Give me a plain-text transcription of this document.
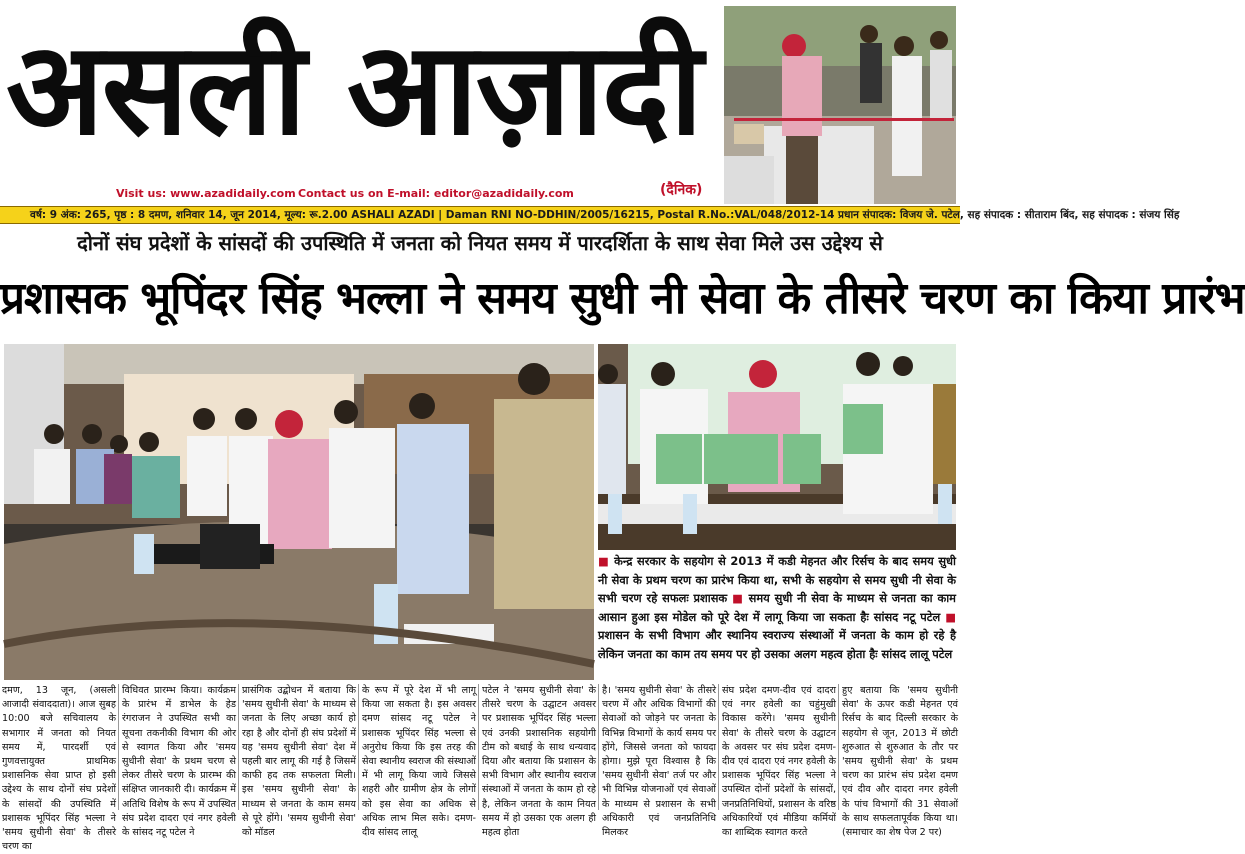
असली आज़ादी
Visit us: www.azadidaily.com Contact us on E-mail: editor@azadidaily.com	(दैनिक)
वर्ष: 9 अंक: 265, पृष्ठ : 8 दमण, शनिवार 14, जून 2014, मूल्य: रू.2.00 ASHALI AZADI | Daman RNI NO-DDHIN/2005/16215, Postal R.No.:VAL/048/2012-14 प्रधान संपादक: विजय जे. पटेल, सह संपादक : सीताराम बिंद, सह संपादक : संजय सिंह
दोनों संघ प्रदेशों के सांसदों की उपस्थिति में जनता को नियत समय में पारदर्शिता के साथ सेवा मिले उस उद्देश्य से
प्रशासक भूपिंदर सिंह भल्ला ने समय सुधी नी सेवा के तीसरे चरण का किया प्रारंभ
■ केन्द्र सरकार के सहयोग से 2013 में कडी मेहनत और रिर्सच के बाद समय सुधी नी सेवा के प्रथम चरण का प्रारंभ किया था, सभी के सहयोग से समय सुधी नी सेवा के सभी चरण रहे सफलः प्रशासक ■ समय सुधी नी सेवा के माध्यम से जनता का काम आसान हुआ इस मोडेल को पूरे देश में लागू किया जा सकता हैः सांसद नटू पटेल ■ प्रशासन के सभी विभाग और स्थानिय स्वराज्य संस्थाओं में जनता के काम हो रहे है लेकिन जनता का काम तय समय पर हो उसका अलग महत्व होता हैः सांसद लालू पटेल
दमण, 13 जून, (असली आजादी संवाददाता)। आज सुबह 10:00 बजे सचिवालय के सभागार में जनता को नियत समय में, पारदर्शी एवं गुणवत्तायुक्त प्राथमिक प्रशासनिक सेवा प्राप्त हो इसी उद्देश्य के साथ दोनों संघ प्रदेशों के सांसदों की उपस्थिति में प्रशासक भूपिंदर सिंह भल्ला ने 'समय सुधीनी सेवा' के तीसरे चरण का
विधिवत प्रारम्भ किया। कार्यक्रम के प्रारंभ में डाभेल के हेड रंगराजन ने उपस्थित सभी का सूचना तकनीकी विभाग की ओर से स्वागत किया और 'समय सुधीनी सेवा' के प्रथम चरण से लेकर तीसरे चरण के प्रारम्भ की संक्षिप्त जानकारी दी। कार्यक्रम में अतिथि विशेष के रूप में उपस्थित संघ प्रदेश दादरा एवं नगर हवेली के सांसद नटू पटेल ने
प्रासंगिक उद्बोधन में बताया कि 'समय सुधीनी सेवा' के माध्यम से जनता के लिए अच्छा कार्य हो रहा है और दोनों ही संघ प्रदेशों में यह 'समय सुधीनी सेवा' देश में पहली बार लागू की गई है जिसमें काफी हद तक सफलता मिली। इस 'समय सुधीनी सेवा' के माध्यम से जनता के काम समय से पूरे होंगे। 'समय सुधीनी सेवा' को मॉडल
के रूप में पूरे देश में भी लागू किया जा सकता है। इस अवसर दमण सांसद नटू पटेल ने प्रशासक भूपिंदर सिंह भल्ला से अनुरोध किया कि इस तरह की सेवा स्थानीय स्वराज की संस्थाओं में भी लागू किया जाये जिससे शहरी और ग्रामीण क्षेत्र के लोगों को इस सेवा का अधिक से अधिक लाभ मिल सके। दमण-दीव सांसद लालू
पटेल ने 'समय सुधीनी सेवा' के तीसरे चरण के उद्घाटन अवसर पर प्रशासक भूपिंदर सिंह भल्ला एवं उनकी प्रशासनिक सहयोगी टीम को बधाई के साथ धन्यवाद दिया और बताया कि प्रशासन के सभी विभाग और स्थानीय स्वराज संस्थाओं में जनता के काम हो रहे है, लेकिन जनता के काम नियत समय में हो उसका एक अलग ही महत्व होता
है। 'समय सुधीनी सेवा' के तीसरे चरण में और अधिक विभागों की सेवाओं को जोड़ने पर जनता के विभिन्न विभागों के कार्य समय पर होंगे, जिससे जनता को फायदा होगा। मुझे पूरा विश्वास है कि 'समय सुधीनी सेवा' तर्ज पर और भी विभिन्न योजनाओं एवं सेवाओं के माध्यम से प्रशासन के सभी अधिकारी एवं जनप्रतिनिधि मिलकर
संघ प्रदेश दमण-दीव एवं दादरा एवं नगर हवेली का चहुंमुखी विकास करेंगे। 'समय सुधीनी सेवा' के तीसरे चरण के उद्घाटन के अवसर पर संघ प्रदेश दमण-दीव एवं दादरा एवं नगर हवेली के प्रशासक भूपिंदर सिंह भल्ला ने उपस्थित दोनों प्रदेशों के सांसदों, जनप्रतिनिधियों, प्रशासन के वरिष्ठ अधिकारियों एवं मीडिया कर्मियों का शाब्दिक स्वागत करते
हुए बताया कि 'समय सुधीनी सेवा' के ऊपर कडी मेहनत एवं रिर्सच के बाद दिल्ली सरकार के सहयोग से जून, 2013 में छोटी शुरुआत से शुरुआत के तौर पर 'समय सुधीनी सेवा' के प्रथम चरण का प्रारंभ संघ प्रदेश दमण एवं दीव और दादरा नगर हवेली के पांच विभागों की 31 सेवाओं के साथ सफलतापूर्वक किया था। (समाचार का शेष पेज 2 पर)
